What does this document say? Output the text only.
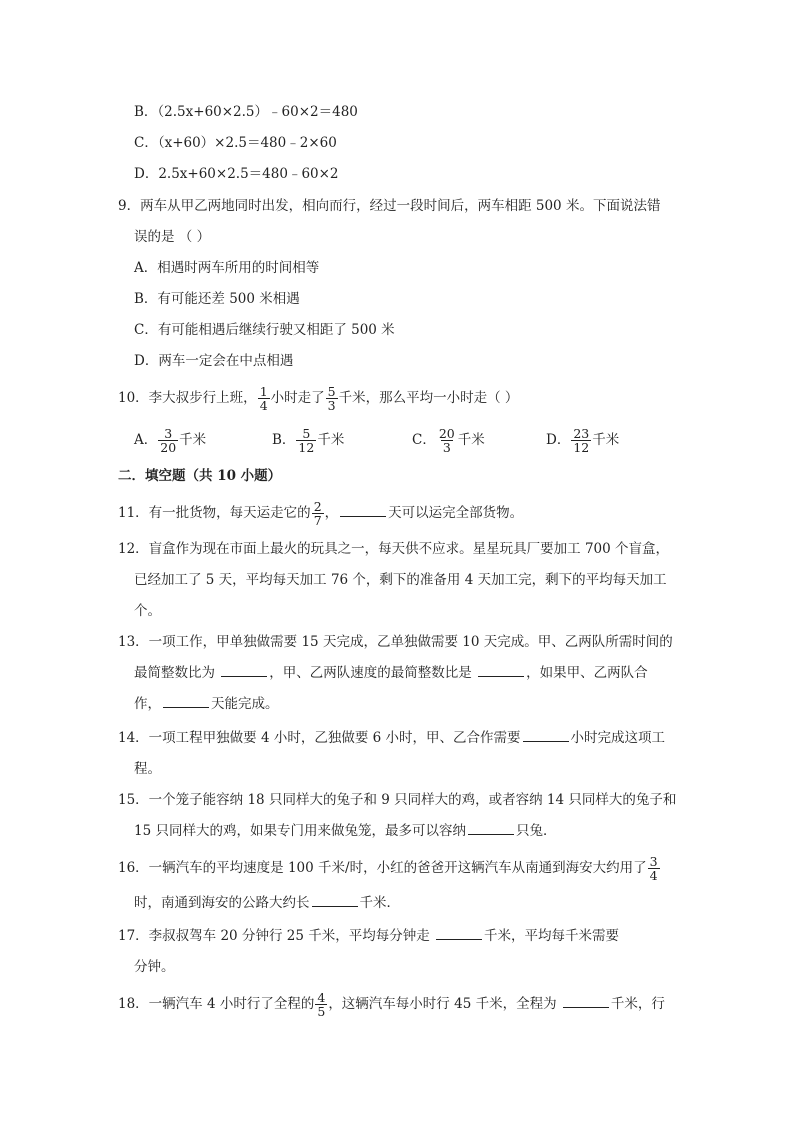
B．（2.5x+60×2.5）﹣60×2＝480
C．（x+60）×2.5＝480﹣2×60
D．2.5x+60×2.5＝480﹣60×2
9．两车从甲乙两地同时出发，相向而行，经过一段时间后，两车相距 500 米。下面说法错
误的是 （ ）
A．相遇时两车所用的时间相等
B．有可能还差 500 米相遇
C．有可能相遇后继续行驶又相距了 500 米
D．两车一定会在中点相遇
10．李大叔步行上班， $\frac{1}{4}$ 小时走了 $\frac{5}{3}$ 千米，那么平均一小时走（ ）
A． $\frac{3}{20}$ 千米	B． $\frac{5}{12}$ 千米	C． $\frac{20}{3}$ 千米	D． $\frac{23}{12}$ 千米
二．填空题（共 10 小题）
11．有一批货物，每天运走它的 $\frac{2}{7}$ ，	天可以运完全部货物。
12．盲盒作为现在市面上最火的玩具之一，每天供不应求。星星玩具厂要加工 700 个盲盒，
已经加工了 5 天，平均每天加工 76 个，剩下的准备用 4 天加工完，剩下的平均每天加工
个。
13．一项工作，甲单独做需要 15 天完成，乙单独做需要 10 天完成。甲、乙两队所需时间的
最简整数比为	，甲、乙两队速度的最简整数比是	，如果甲、乙两队合
作，	天能完成。
14．一项工程甲独做要 4 小时，乙独做要 6 小时，甲、乙合作需要	小时完成这项工
程。
15．一个笼子能容纳 18 只同样大的兔子和 9 只同样大的鸡，或者容纳 14 只同样大的兔子和
15 只同样大的鸡，如果专门用来做兔笼，最多可以容纳	只兔．
16．一辆汽车的平均速度是 100 千米/时，小红的爸爸开这辆汽车从南通到海安大约用了 $\frac{3}{4}$
时，南通到海安的公路大约长	千米．
17．李叔叔驾车 20 分钟行 25 千米，平均每分钟走	千米，平均每千米需要
分钟。
18．一辆汽车 4 小时行了全程的 $\frac{4}{5}$ ，这辆汽车每小时行 45 千米，全程为	千米，行
